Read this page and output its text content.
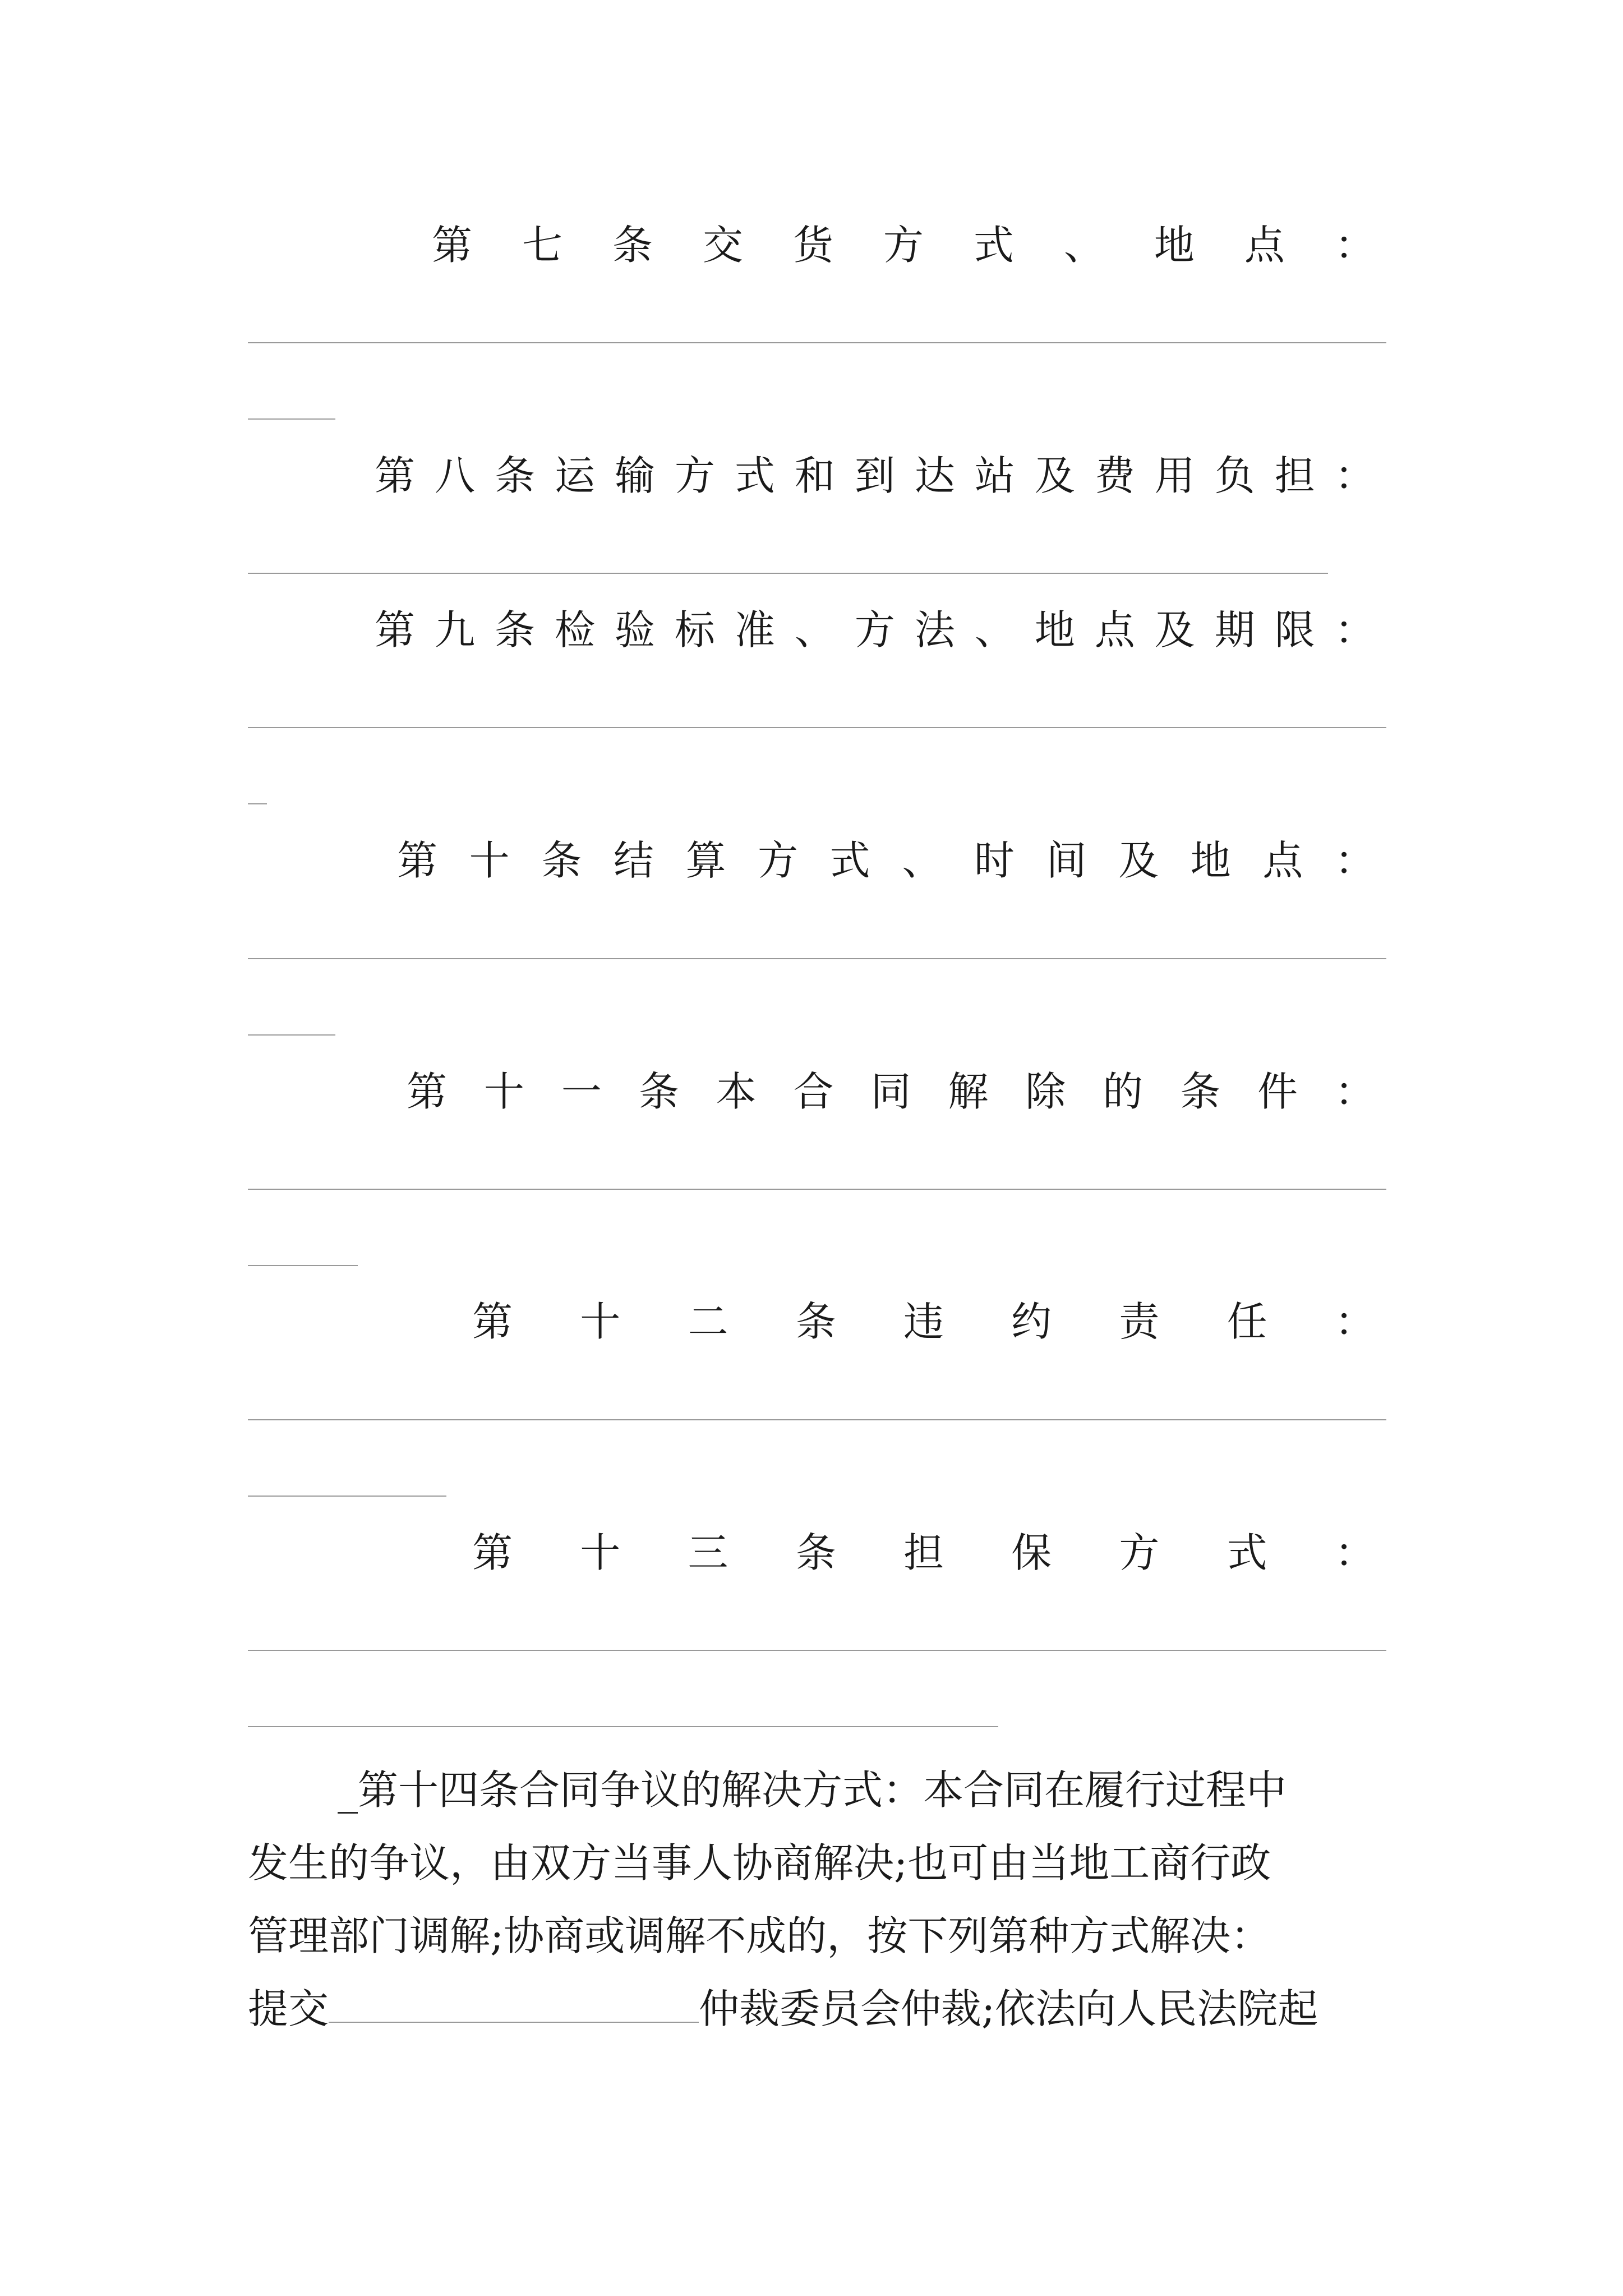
第 七 条 交 货 方 式 、 地 点 ：
第 八 条 运 输 方 式 和 到 达 站 及 费 用 负 担 ：
第 九 条 检 验 标 准 、 方 法 、 地 点 及 期 限 ：
第 十 条 结 算 方 式 、 时 间 及 地 点 ：
第 十 一 条 本 合 同 解 除 的 条 件 ：
第 十 二 条 违 约 责 任 ：
第 十 三 条 担 保 方 式 ：
_第十四条合同争议的解决方式：本合同在履行过程中
发生的争议，由双方当事人协商解决;也可由当地工商行政
管理部门调解;协商或调解不成的，按下列第种方式解决：
提交	仲裁委员会仲裁;依法向人民法院起
